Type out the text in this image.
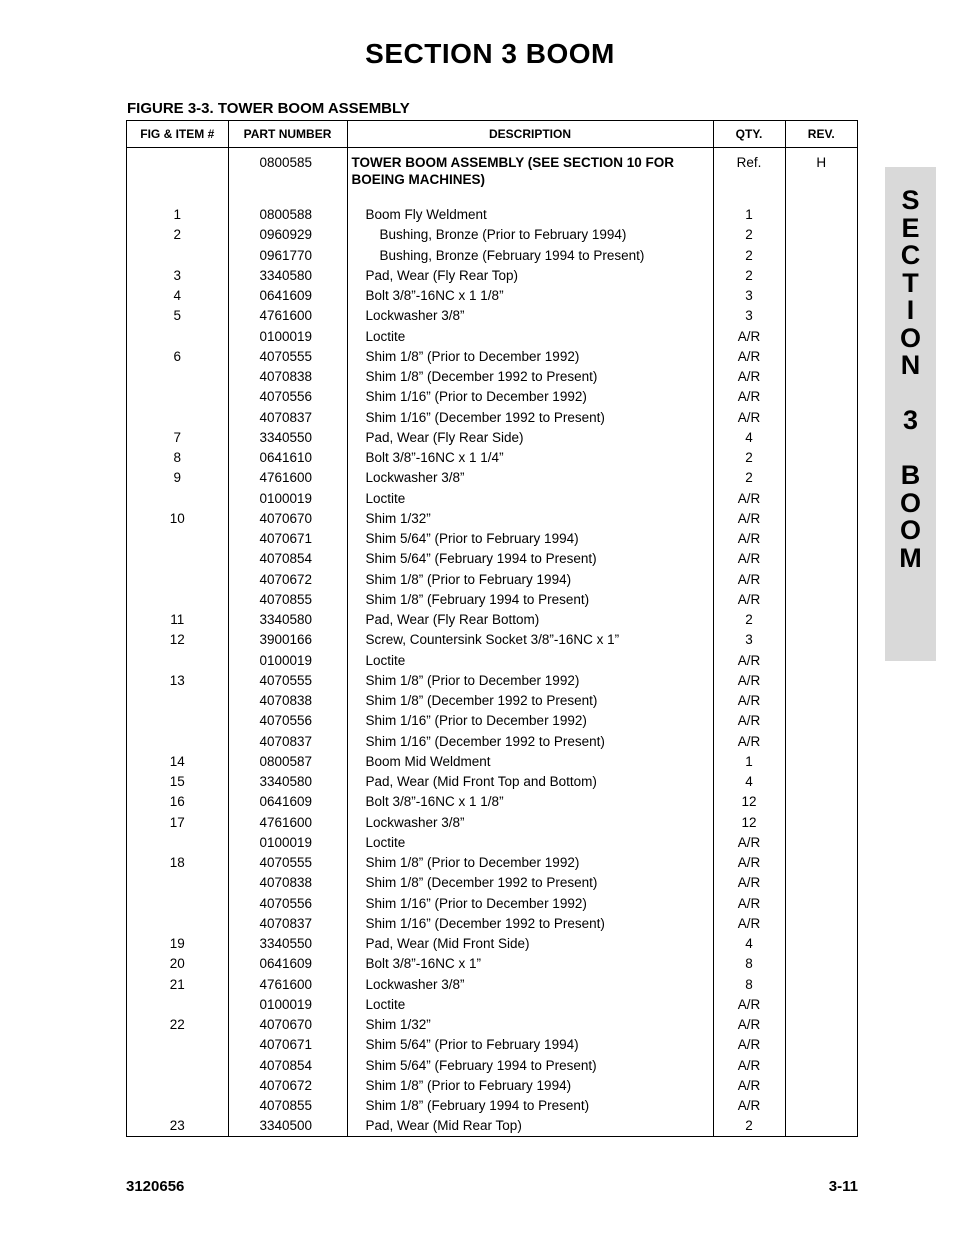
SECTION 3 BOOM
FIGURE 3-3. TOWER BOOM ASSEMBLY
FIG & ITEM #	PART NUMBER	DESCRIPTION	QTY.	REV.
	0800585	TOWER BOOM ASSEMBLY (SEE SECTION 10 FOR BOEING MACHINES)	Ref.	H
1	0800588	Boom Fly Weldment	1	
2	0960929	Bushing, Bronze (Prior to February 1994)	2	
	0961770	Bushing, Bronze (February 1994 to Present)	2	
3	3340580	Pad, Wear (Fly Rear Top)	2	
4	0641609	Bolt 3/8”-16NC x 1 1/8”	3	
5	4761600	Lockwasher 3/8”	3	
	0100019	Loctite	A/R	
6	4070555	Shim 1/8” (Prior to December 1992)	A/R	
	4070838	Shim 1/8” (December 1992 to Present)	A/R	
	4070556	Shim 1/16” (Prior to December 1992)	A/R	
	4070837	Shim 1/16” (December 1992 to Present)	A/R	
7	3340550	Pad, Wear (Fly Rear Side)	4	
8	0641610	Bolt 3/8”-16NC x 1 1/4”	2	
9	4761600	Lockwasher 3/8”	2	
	0100019	Loctite	A/R	
10	4070670	Shim 1/32”	A/R	
	4070671	Shim 5/64” (Prior to February 1994)	A/R	
	4070854	Shim 5/64” (February 1994 to Present)	A/R	
	4070672	Shim 1/8” (Prior to February 1994)	A/R	
	4070855	Shim 1/8” (February 1994 to Present)	A/R	
11	3340580	Pad, Wear (Fly Rear Bottom)	2	
12	3900166	Screw, Countersink Socket 3/8”-16NC x 1”	3	
	0100019	Loctite	A/R	
13	4070555	Shim 1/8” (Prior to December 1992)	A/R	
	4070838	Shim 1/8” (December 1992 to Present)	A/R	
	4070556	Shim 1/16” (Prior to December 1992)	A/R	
	4070837	Shim 1/16” (December 1992 to Present)	A/R	
14	0800587	Boom Mid Weldment	1	
15	3340580	Pad, Wear (Mid Front Top and Bottom)	4	
16	0641609	Bolt 3/8”-16NC x 1 1/8”	12	
17	4761600	Lockwasher 3/8”	12	
	0100019	Loctite	A/R	
18	4070555	Shim 1/8” (Prior to December 1992)	A/R	
	4070838	Shim 1/8” (December 1992 to Present)	A/R	
	4070556	Shim 1/16” (Prior to December 1992)	A/R	
	4070837	Shim 1/16” (December 1992 to Present)	A/R	
19	3340550	Pad, Wear (Mid Front Side)	4	
20	0641609	Bolt 3/8”-16NC x 1”	8	
21	4761600	Lockwasher 3/8”	8	
	0100019	Loctite	A/R	
22	4070670	Shim 1/32”	A/R	
	4070671	Shim 5/64” (Prior to February 1994)	A/R	
	4070854	Shim 5/64” (February 1994 to Present)	A/R	
	4070672	Shim 1/8” (Prior to February 1994)	A/R	
	4070855	Shim 1/8” (February 1994 to Present)	A/R	
23	3340500	Pad, Wear (Mid Rear Top)	2	

S
E
C
T
I
O
N
3
B
O
O
M
3120656	3-11
